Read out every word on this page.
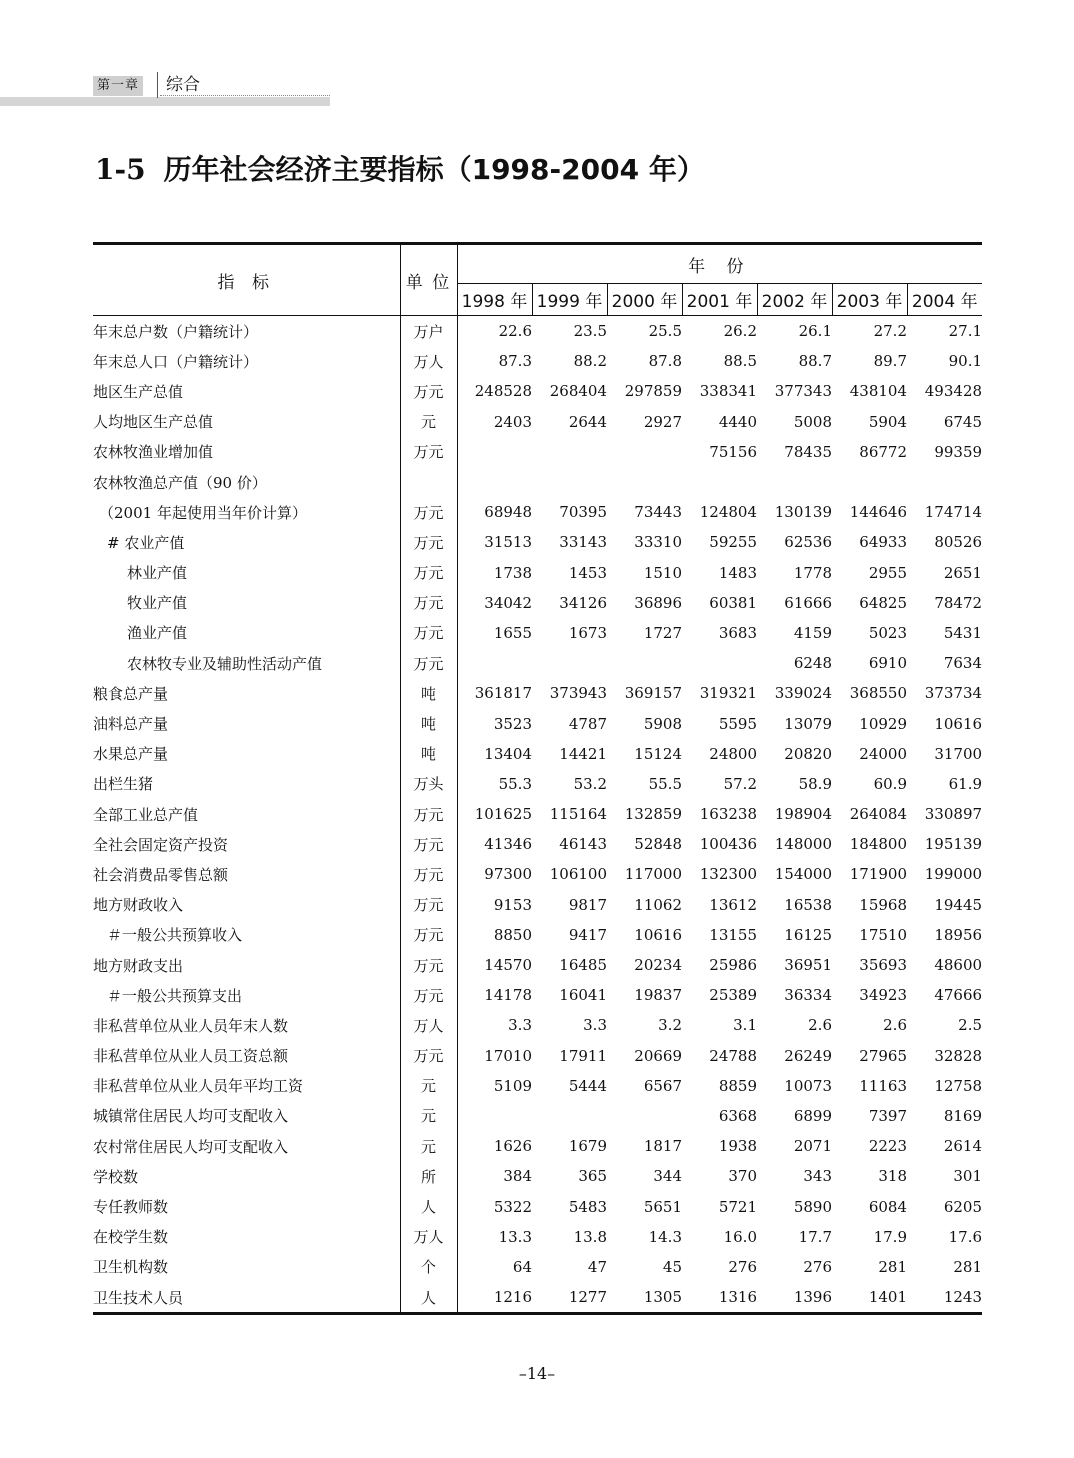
第一章 综合
1-5 历年社会经济主要指标（1998-2004 年）
指 标	单 位	年 份						
		1998 年	1999 年	2000 年	2001 年	2002 年	2003 年	2004 年
年末总户数（户籍统计）	万户	22.6	23.5	25.5	26.2	26.1	27.2	27.1
年末总人口（户籍统计）	万人	87.3	88.2	87.8	88.5	88.7	89.7	90.1
地区生产总值	万元	248528	268404	297859	338341	377343	438104	493428
人均地区生产总值	元	2403	2644	2927	4440	5008	5904	6745
农林牧渔业增加值	万元				75156	78435	86772	99359
农林牧渔总产值（90 价）								
（2001 年起使用当年价计算）	万元	68948	70395	73443	124804	130139	144646	174714
# 农业产值	万元	31513	33143	33310	59255	62536	64933	80526
林业产值	万元	1738	1453	1510	1483	1778	2955	2651
牧业产值	万元	34042	34126	36896	60381	61666	64825	78472
渔业产值	万元	1655	1673	1727	3683	4159	5023	5431
农林牧专业及辅助性活动产值	万元					6248	6910	7634
粮食总产量	吨	361817	373943	369157	319321	339024	368550	373734
油料总产量	吨	3523	4787	5908	5595	13079	10929	10616
水果总产量	吨	13404	14421	15124	24800	20820	24000	31700
出栏生猪	万头	55.3	53.2	55.5	57.2	58.9	60.9	61.9
全部工业总产值	万元	101625	115164	132859	163238	198904	264084	330897
全社会固定资产投资	万元	41346	46143	52848	100436	148000	184800	195139
社会消费品零售总额	万元	97300	106100	117000	132300	154000	171900	199000
地方财政收入	万元	9153	9817	11062	13612	16538	15968	19445
＃一般公共预算收入	万元	8850	9417	10616	13155	16125	17510	18956
地方财政支出	万元	14570	16485	20234	25986	36951	35693	48600
＃一般公共预算支出	万元	14178	16041	19837	25389	36334	34923	47666
非私营单位从业人员年末人数	万人	3.3	3.3	3.2	3.1	2.6	2.6	2.5
非私营单位从业人员工资总额	万元	17010	17911	20669	24788	26249	27965	32828
非私营单位从业人员年平均工资	元	5109	5444	6567	8859	10073	11163	12758
城镇常住居民人均可支配收入	元				6368	6899	7397	8169
农村常住居民人均可支配收入	元	1626	1679	1817	1938	2071	2223	2614
学校数	所	384	365	344	370	343	318	301
专任教师数	人	5322	5483	5651	5721	5890	6084	6205
在校学生数	万人	13.3	13.8	14.3	16.0	17.7	17.9	17.6
卫生机构数	个	64	47	45	276	276	281	281
卫生技术人员	人	1216	1277	1305	1316	1396	1401	1243
–14–
